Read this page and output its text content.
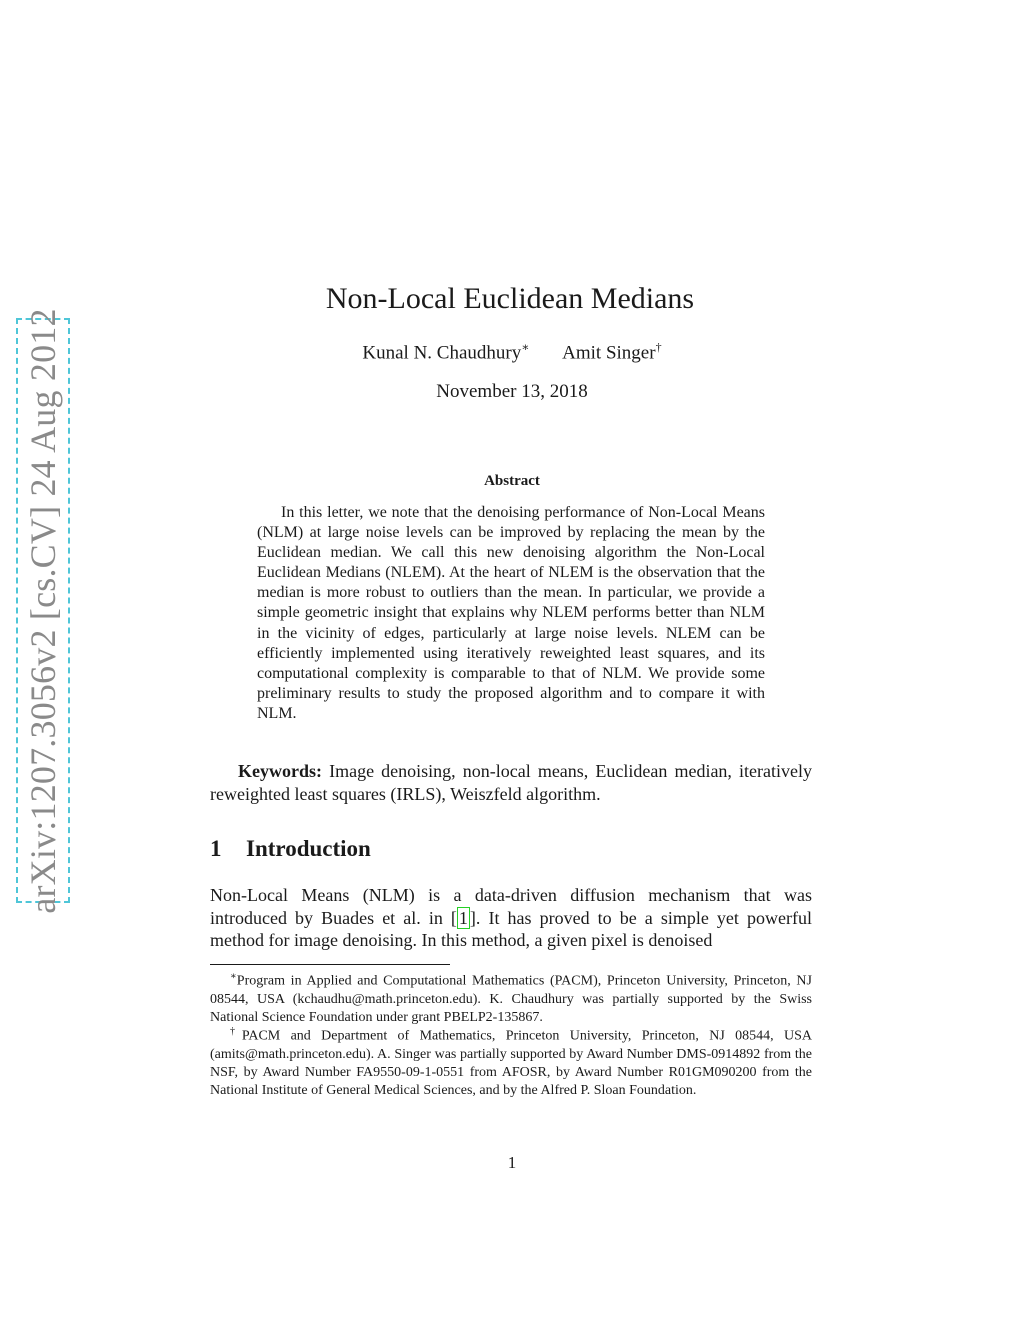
arXiv:1207.3056v2 [cs.CV] 24 Aug 2012
Non-Local Euclidean Medians
Kunal N. Chaudhury∗ Amit Singer†
November 13, 2018
Abstract

In this letter, we note that the denoising performance of Non-Local Means (NLM) at large noise levels can be improved by replacing the mean by the Euclidean median. We call this new denoising algorithm the Non-Local Euclidean Medians (NLEM). At the heart of NLEM is the observation that the median is more robust to outliers than the mean. In particular, we provide a simple geometric insight that explains why NLEM performs better than NLM in the vicinity of edges, particularly at large noise levels. NLEM can be efficiently implemented using iteratively reweighted least squares, and its computational complexity is comparable to that of NLM. We provide some preliminary results to study the proposed algorithm and to compare it with NLM.

Keywords: Image denoising, non-local means, Euclidean median, iteratively reweighted least squares (IRLS), Weiszfeld algorithm.

1 Introduction

Non-Local Means (NLM) is a data-driven diffusion mechanism that was introduced by Buades et al. in [ 1 ]. It has proved to be a simple yet powerful method for image denoising. In this method, a given pixel is denoised

∗Program in Applied and Computational Mathematics (PACM), Princeton University, Princeton, NJ 08544, USA (kchaudhu@math.princeton.edu). K. Chaudhury was partially supported by the Swiss National Science Foundation under grant PBELP2-135867.

†PACM and Department of Mathematics, Princeton University, Princeton, NJ 08544, USA (amits@math.princeton.edu). A. Singer was partially supported by Award Number DMS-0914892 from the NSF, by Award Number FA9550-09-1-0551 from AFOSR, by Award Number R01GM090200 from the National Institute of General Medical Sciences, and by the Alfred P. Sloan Foundation.

1
